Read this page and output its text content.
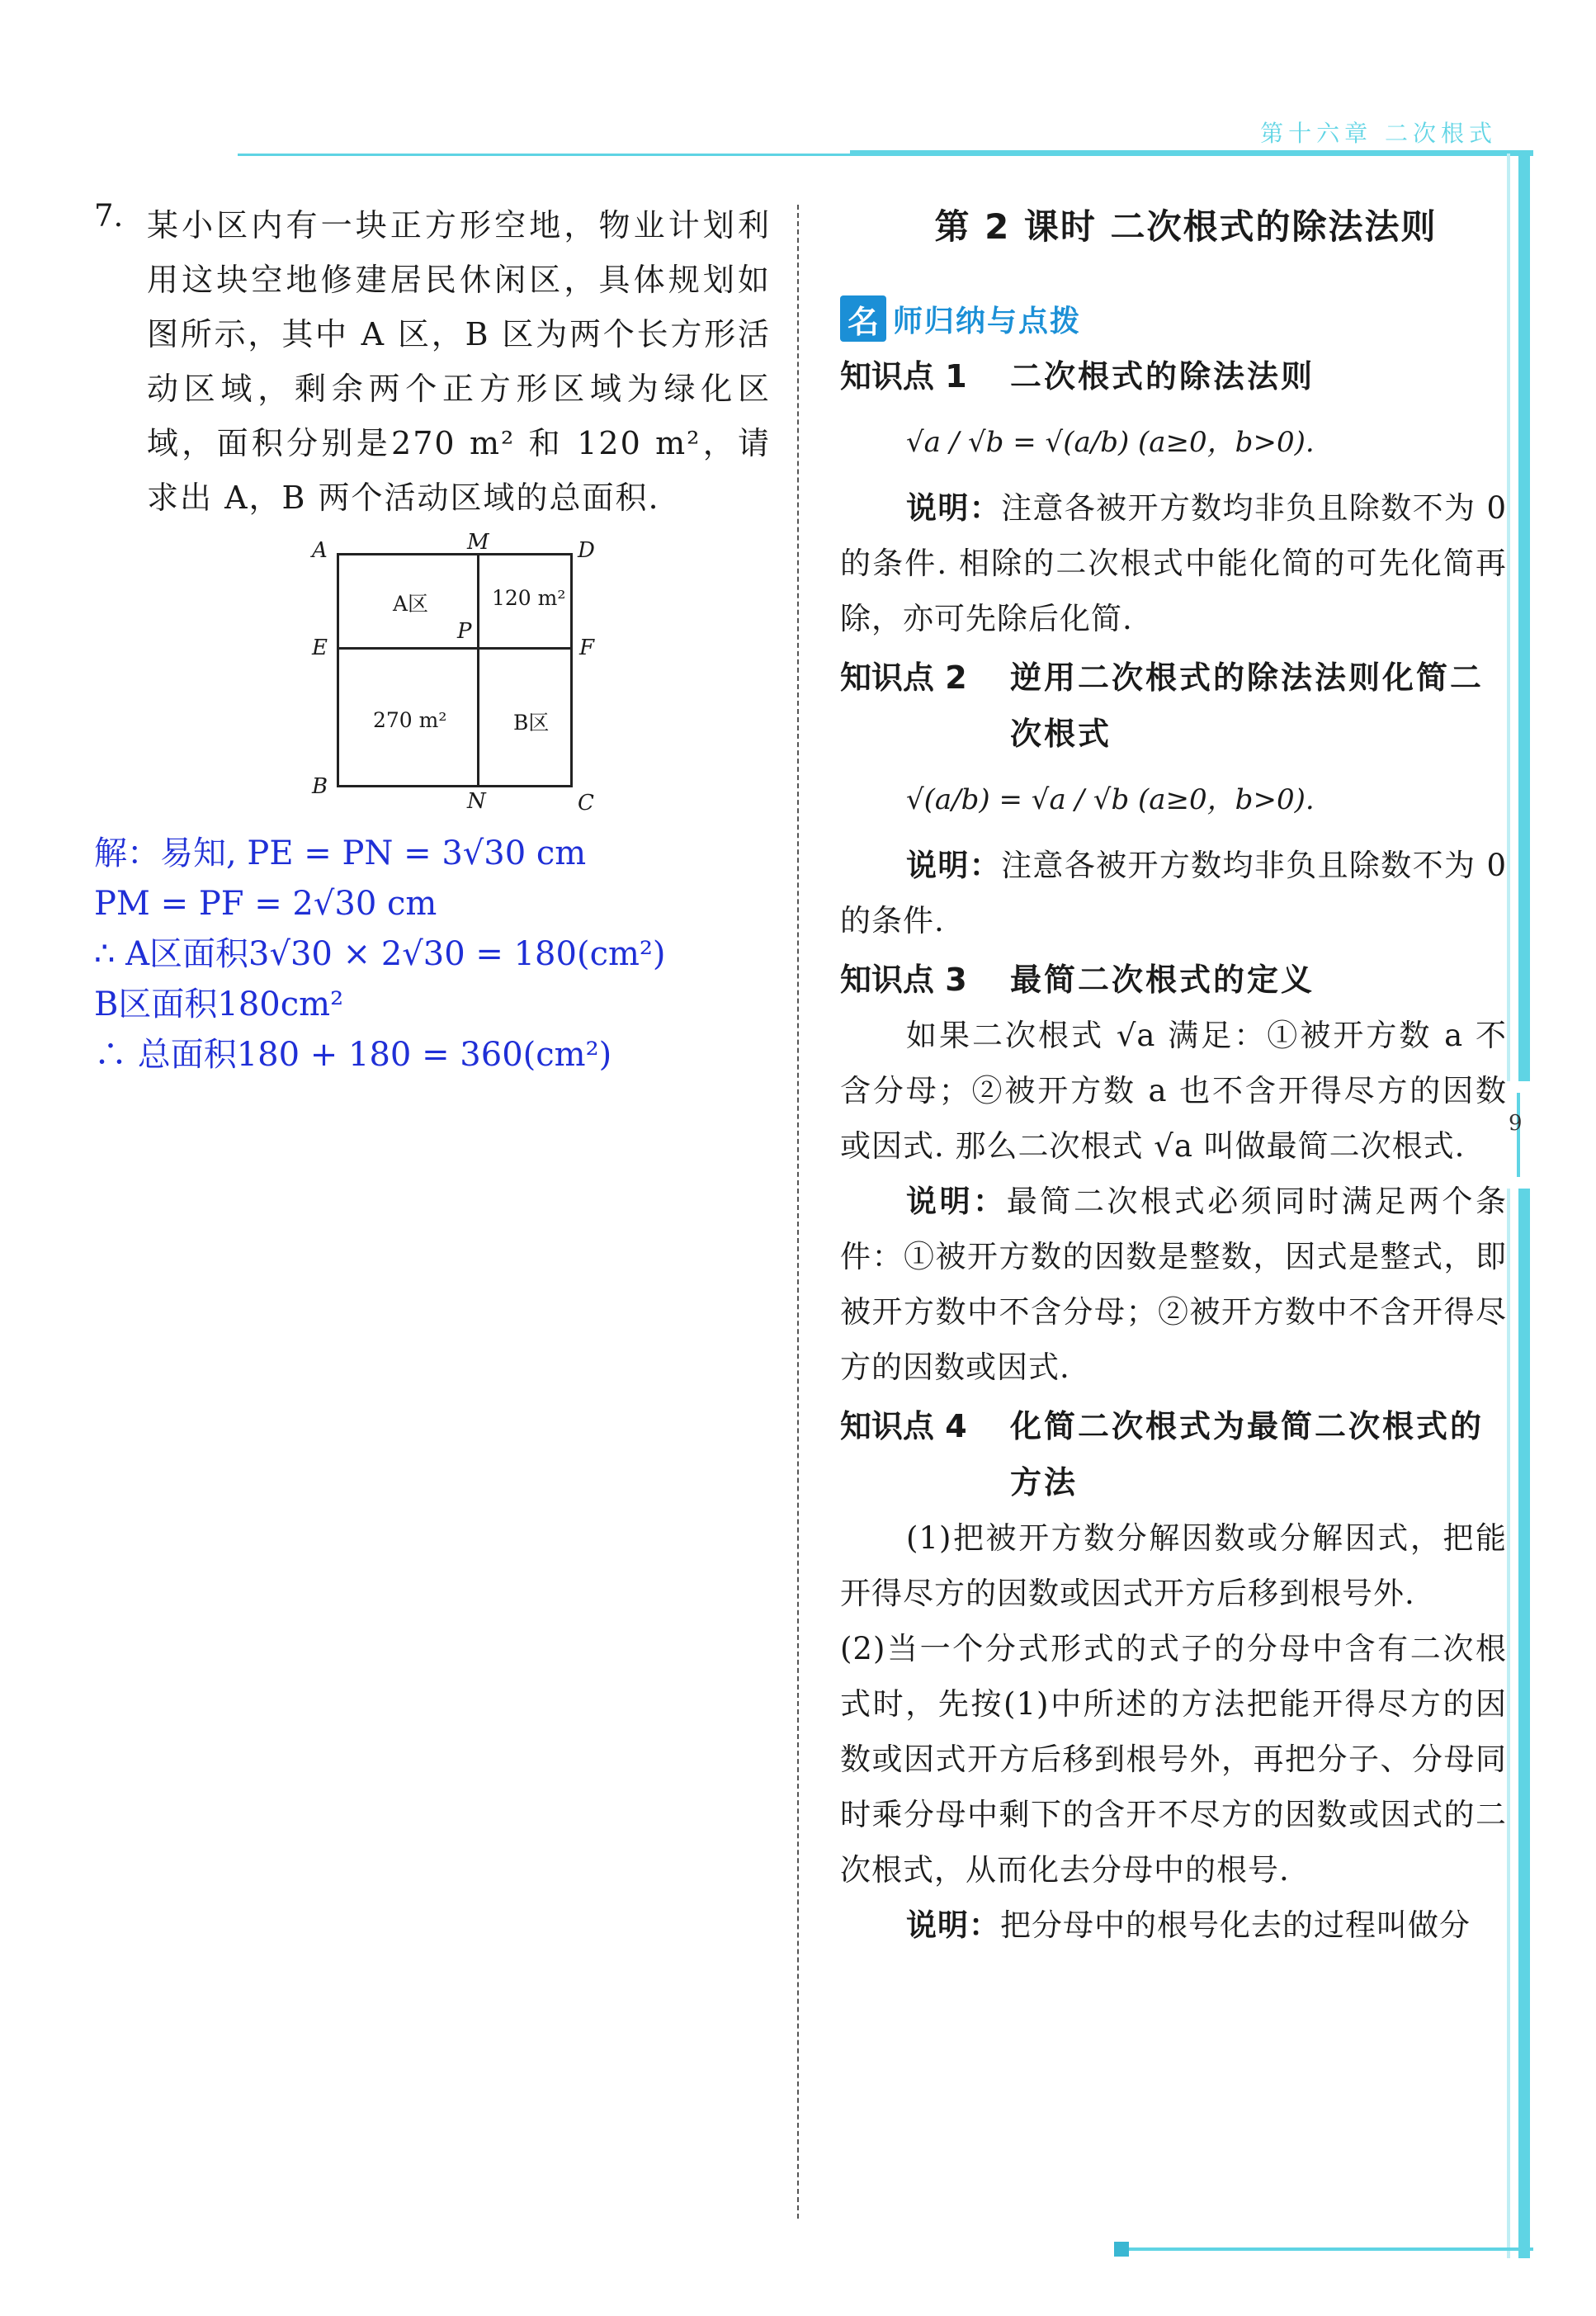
第十六章 二次根式
9
7. 某小区内有一块正方形空地，物业计划利用这块空地修建居民休闲区，具体规划如图所示，其中 A 区，B 区为两个长方形活动区域，剩余两个正方形区域为绿化区域，面积分别是270 m² 和 120 m²，请求出 A，B 两个活动区域的总面积.
A	M	D
E
P
F
B
N	C
A区	120 m²
270 m²	B区
解：易知, PE = PN = 3√30 cm
PM = PF = 2√30 cm
∴ A区面积3√30 × 2√30 = 180(cm²)
B区面积180cm²
∴ 总面积180 + 180 = 360(cm²)
第 2 课时 二次根式的除法法则
名 师归纳与点拨
知识点 1	二次根式的除法法则
√a / √b = √(a/b) (a≥0，b>0).
说明：注意各被开方数均非负且除数不为 0 的条件. 相除的二次根式中能化简的可先化简再除，亦可先除后化简.
知识点 2	逆用二次根式的除法法则化简二次根式
√(a/b) = √a / √b (a≥0，b>0).
说明：注意各被开方数均非负且除数不为 0 的条件.
知识点 3	最简二次根式的定义
如果二次根式 √a 满足：①被开方数 a 不含分母；②被开方数 a 也不含开得尽方的因数或因式. 那么二次根式 √a 叫做最简二次根式.
说明：最简二次根式必须同时满足两个条件：①被开方数的因数是整数，因式是整式，即被开方数中不含分母；②被开方数中不含开得尽方的因数或因式.
知识点 4	化简二次根式为最简二次根式的方法
(1)把被开方数分解因数或分解因式，把能开得尽方的因数或因式开方后移到根号外.
(2)当一个分式形式的式子的分母中含有二次根式时，先按(1)中所述的方法把能开得尽方的因数或因式开方后移到根号外，再把分子、分母同时乘分母中剩下的含开不尽方的因数或因式的二次根式，从而化去分母中的根号.
说明：把分母中的根号化去的过程叫做分
